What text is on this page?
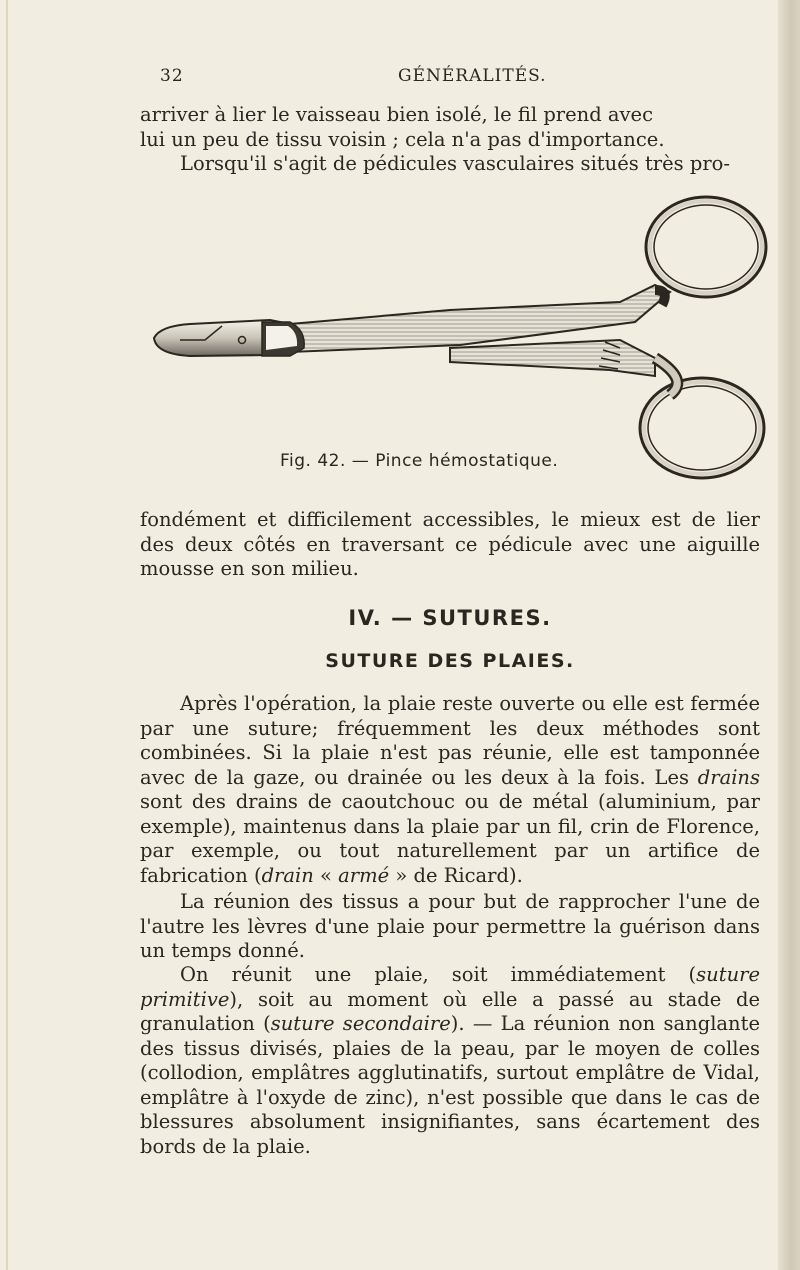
32	GÉNÉRALITÉS.

arriver à lier le vaisseau bien isolé, le fil prend avec
lui un peu de tissu voisin ; cela n'a pas d'importance.
Lorsqu'il s'agit de pédicules vasculaires situés très pro-

Fig. 42. — Pince hémostatique.

fondément et difficilement accessibles, le mieux est de lier des deux côtés en traversant ce pédicule avec une aiguille mousse en son milieu.

IV. — SUTURES.
SUTURE DES PLAIES.

Après l'opération, la plaie reste ouverte ou elle est fermée par une suture; fréquemment les deux méthodes sont combinées. Si la plaie n'est pas réunie, elle est tamponnée avec de la gaze, ou drainée ou les deux à la fois. Les drains sont des drains de caoutchouc ou de métal (aluminium, par exemple), maintenus dans la plaie par un fil, crin de Florence, par exemple, ou tout naturellement par un artifice de fabrication (drain « armé » de Ricard).

La réunion des tissus a pour but de rapprocher l'une de l'autre les lèvres d'une plaie pour permettre la guérison dans un temps donné.

On réunit une plaie, soit immédiatement (suture primitive), soit au moment où elle a passé au stade de granulation (suture secondaire). — La réunion non sanglante des tissus divisés, plaies de la peau, par le moyen de colles (collodion, emplâtres agglutinatifs, surtout emplâtre de Vidal, emplâtre à l'oxyde de zinc), n'est possible que dans le cas de blessures absolument insignifiantes, sans écartement des bords de la plaie.
